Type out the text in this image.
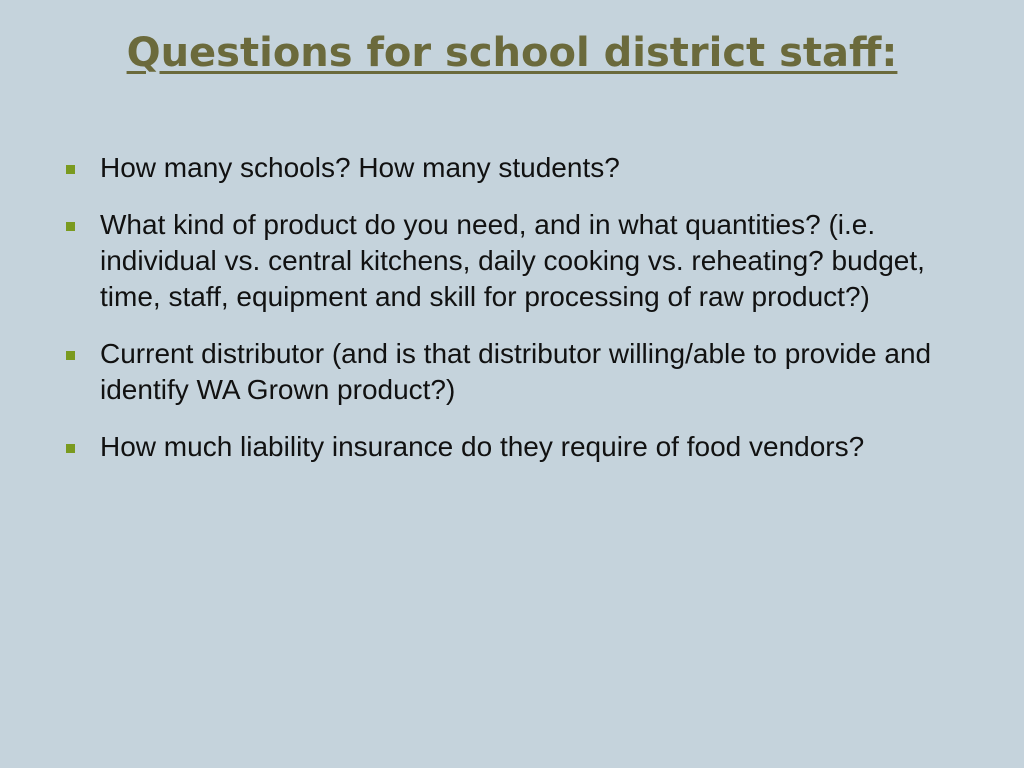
Questions for school district staff:
How many schools? How many students?
What kind of product do you need, and in what quantities? (i.e. individual vs. central kitchens, daily cooking vs. reheating? budget, time, staff, equipment and skill for processing of raw product?)
Current distributor (and is that distributor willing/able to provide and identify WA Grown product?)
How much liability insurance do they require of food vendors?
